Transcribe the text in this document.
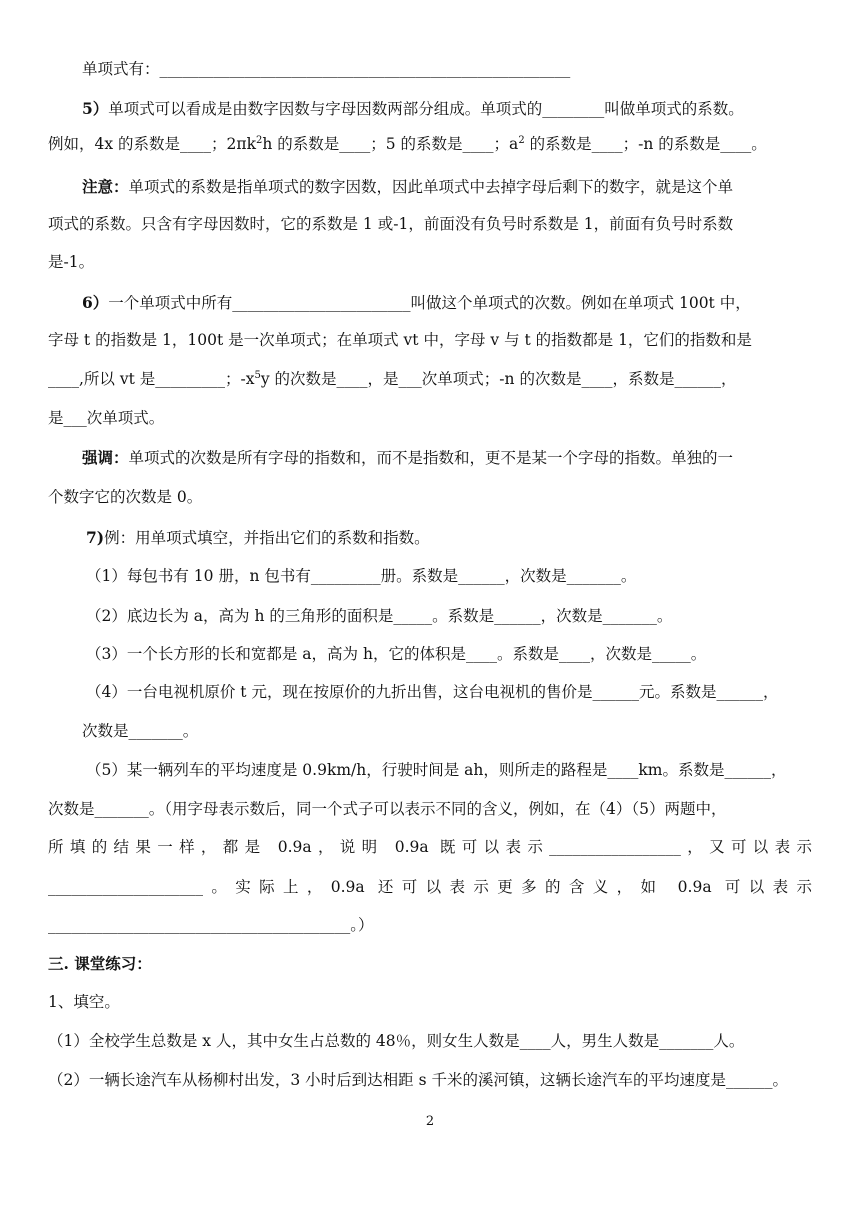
单项式有：_____________________________________________________
5）单项式可以看成是由数字因数与字母因数两部分组成。单项式的________叫做单项式的系数。
例如，4x 的系数是____；$2\pi k^2h$ 的系数是____；5 的系数是____；$a^2$ 的系数是____；-n 的系数是____。
注意：单项式的系数是指单项式的数字因数，因此单项式中去掉字母后剩下的数字，就是这个单
项式的系数。只含有字母因数时，它的系数是 1 或-1，前面没有负号时系数是 1，前面有负号时系数
是-1。
6）一个单项式中所有_______________________叫做这个单项式的次数。例如在单项式 100t 中，
字母 t 的指数是 1，100t 是一次单项式；在单项式 vt 中，字母 v 与 t 的指数都是 1，它们的指数和是
____,所以 vt 是_________；$-x^5y$ 的次数是____，是___次单项式；-n 的次数是____，系数是______，
是___次单项式。
强调：单项式的次数是所有字母的指数和，而不是指数和，更不是某一个字母的指数。单独的一
个数字它的次数是 0。
7)例：用单项式填空，并指出它们的系数和指数。
（1）每包书有 10 册，n 包书有_________册。系数是______，次数是_______。
（2）底边长为 a，高为 h 的三角形的面积是_____。系数是______，次数是_______。
（3）一个长方形的长和宽都是 a，高为 h，它的体积是____。系数是____，次数是_____。
（4）一台电视机原价 t 元，现在按原价的九折出售，这台电视机的售价是______元。系数是______，
次数是_______。
（5）某一辆列车的平均速度是 0.9km/h，行驶时间是 ah，则所走的路程是____km。系数是______，
次数是_______。（用字母表示数后，同一个式子可以表示不同的含义，例如，在（4）（5）两题中，
所填的结果一样，都是 0.9a，说明 0.9a 既可以表示_________________，又可以表示
____________________。实际上，0.9a 还可以表示更多的含义，如 0.9a 可以表示
_______________________________________。）
三. 课堂练习：
1、填空。
（1）全校学生总数是 x 人，其中女生占总数的 48％，则女生人数是____人，男生人数是_______人。
（2）一辆长途汽车从杨柳村出发，3 小时后到达相距 s 千米的溪河镇，这辆长途汽车的平均速度是______。
2
